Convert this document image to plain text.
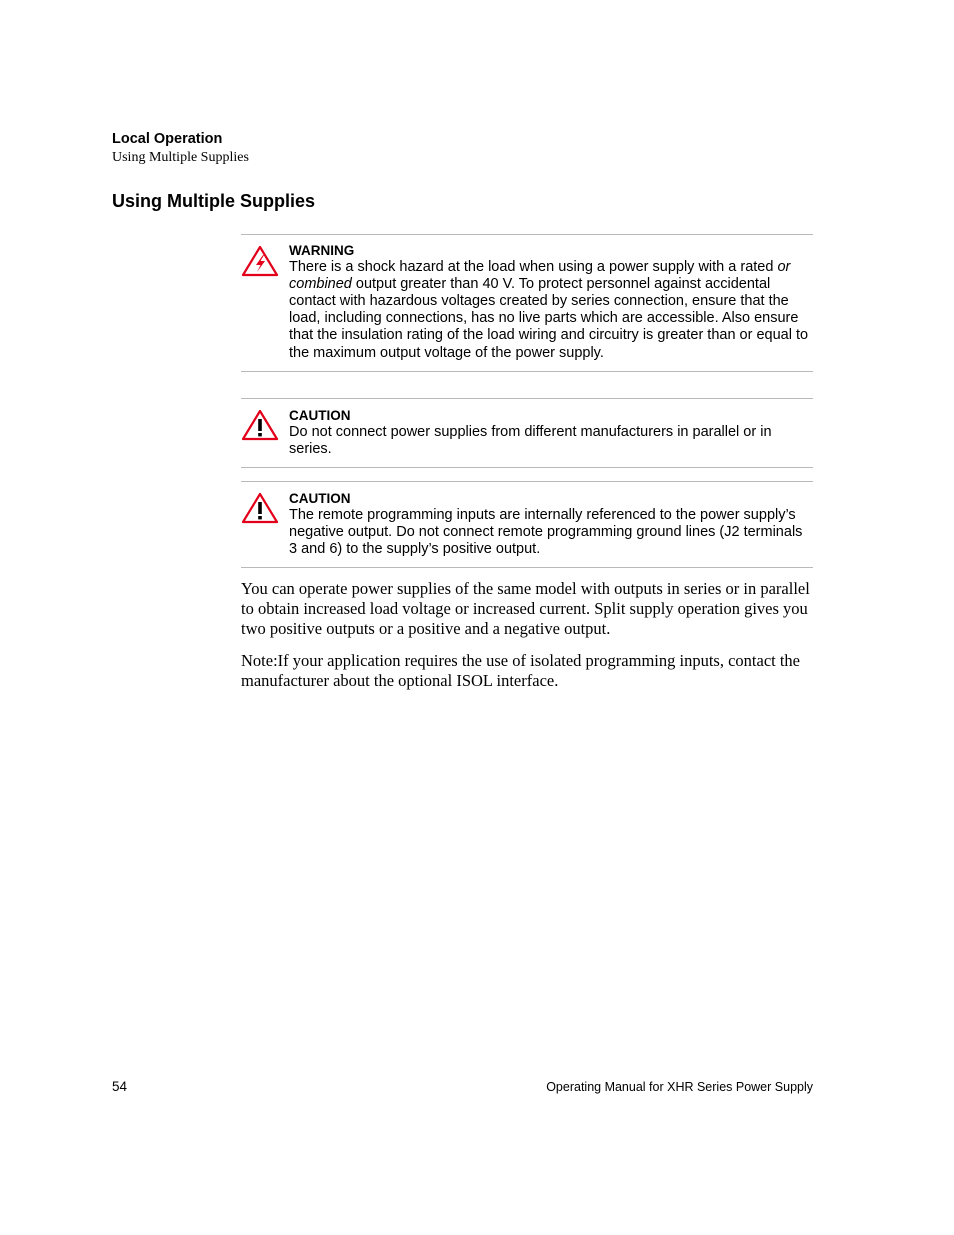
Local Operation
Using Multiple Supplies
Using Multiple Supplies
WARNING
There is a shock hazard at the load when using a power supply with a rated or combined output greater than 40 V. To protect personnel against accidental contact with hazardous voltages created by series connection, ensure that the load, including connections, has no live parts which are accessible. Also ensure that the insulation rating of the load wiring and circuitry is greater than or equal to the maximum output voltage of the power supply.
CAUTION
Do not connect power supplies from different manufacturers in parallel or in series.
CAUTION
The remote programming inputs are internally referenced to the power supply’s negative output. Do not connect remote programming ground lines (J2 terminals 3 and 6) to the supply’s positive output.
You can operate power supplies of the same model with outputs in series or in parallel to obtain increased load voltage or increased current. Split supply operation gives you two positive outputs or a positive and a negative output.
Note:If your application requires the use of isolated programming inputs, contact the manufacturer about the optional ISOL interface.
54	Operating Manual for XHR Series Power Supply
